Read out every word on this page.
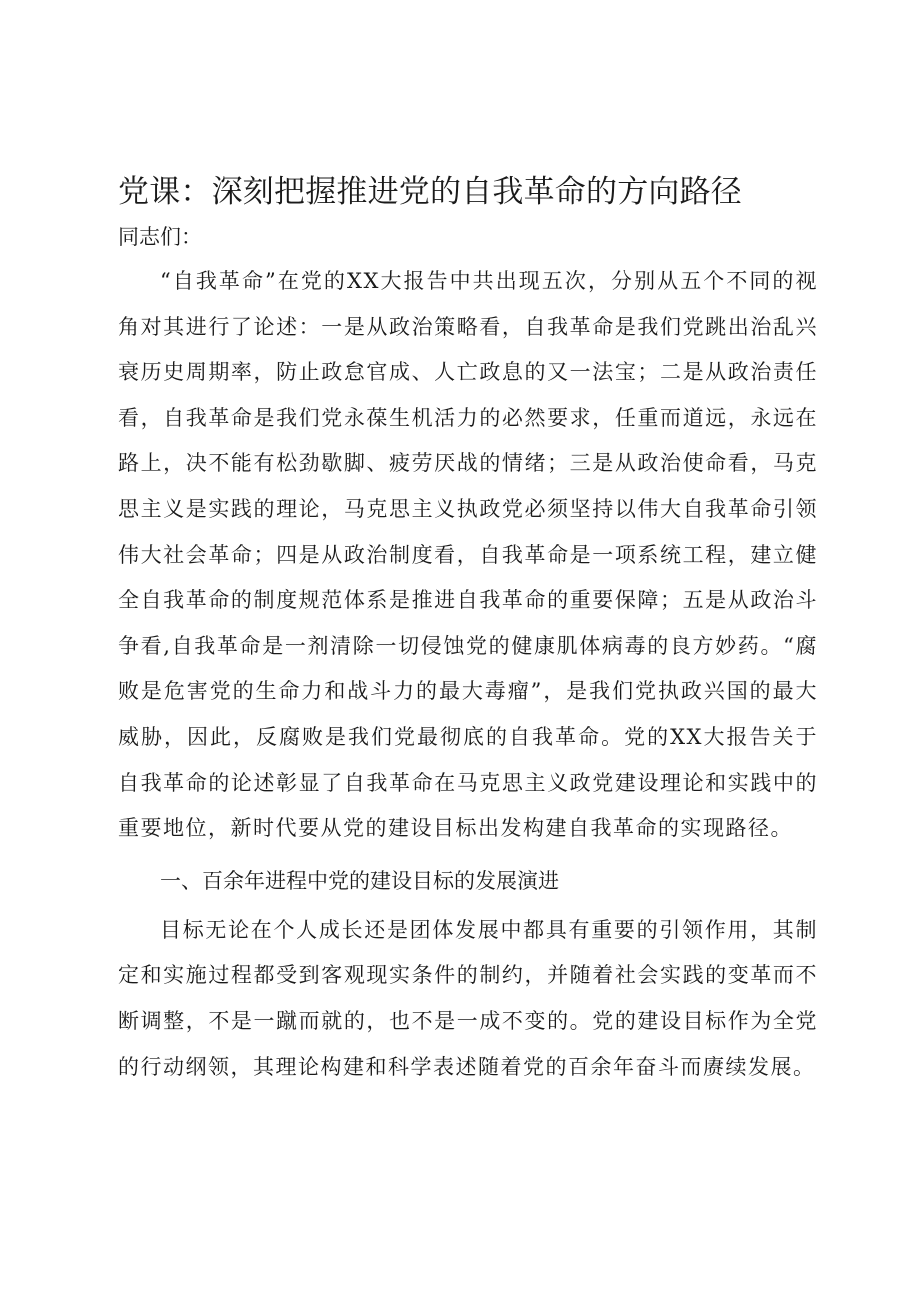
党课：深刻把握推进党的自我革命的方向路径

同志们：

“自我革命”在党的XX大报告中共出现五次，分别从五个不同的视角对其进行了论述：一是从政治策略看，自我革命是我们党跳出治乱兴衰历史周期率，防止政怠官成、人亡政息的又一法宝；二是从政治责任看，自我革命是我们党永葆生机活力的必然要求，任重而道远，永远在路上，决不能有松劲歇脚、疲劳厌战的情绪；三是从政治使命看，马克思主义是实践的理论，马克思主义执政党必须坚持以伟大自我革命引领伟大社会革命；四是从政治制度看，自我革命是一项系统工程，建立健全自我革命的制度规范体系是推进自我革命的重要保障；五是从政治斗争看,自我革命是一剂清除一切侵蚀党的健康肌体病毒的良方妙药。“腐败是危害党的生命力和战斗力的最大毒瘤”，是我们党执政兴国的最大威胁，因此，反腐败是我们党最彻底的自我革命。党的XX大报告关于自我革命的论述彰显了自我革命在马克思主义政党建设理论和实践中的重要地位，新时代要从党的建设目标出发构建自我革命的实现路径。

一、百余年进程中党的建设目标的发展演进

目标无论在个人成长还是团体发展中都具有重要的引领作用，其制定和实施过程都受到客观现实条件的制约，并随着社会实践的变革而不断调整，不是一蹴而就的，也不是一成不变的。党的建设目标作为全党的行动纲领，其理论构建和科学表述随着党的百余年奋斗而赓续发展。
